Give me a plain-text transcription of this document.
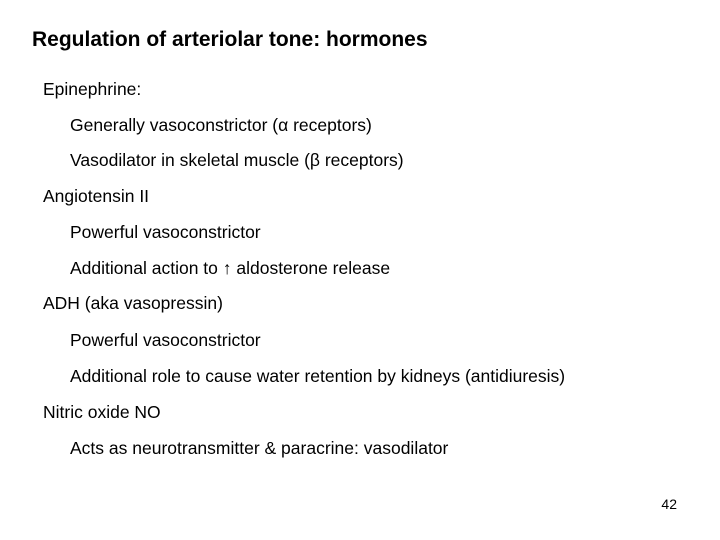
Regulation of arteriolar tone: hormones
Epinephrine:
Generally vasoconstrictor (α receptors)
Vasodilator in skeletal muscle (β receptors)
Angiotensin II
Powerful vasoconstrictor
Additional action to ↑ aldosterone release
ADH (aka vasopressin)
Powerful vasoconstrictor
Additional role to cause water retention by kidneys (antidiuresis)
Nitric oxide NO
Acts as neurotransmitter & paracrine: vasodilator
42
